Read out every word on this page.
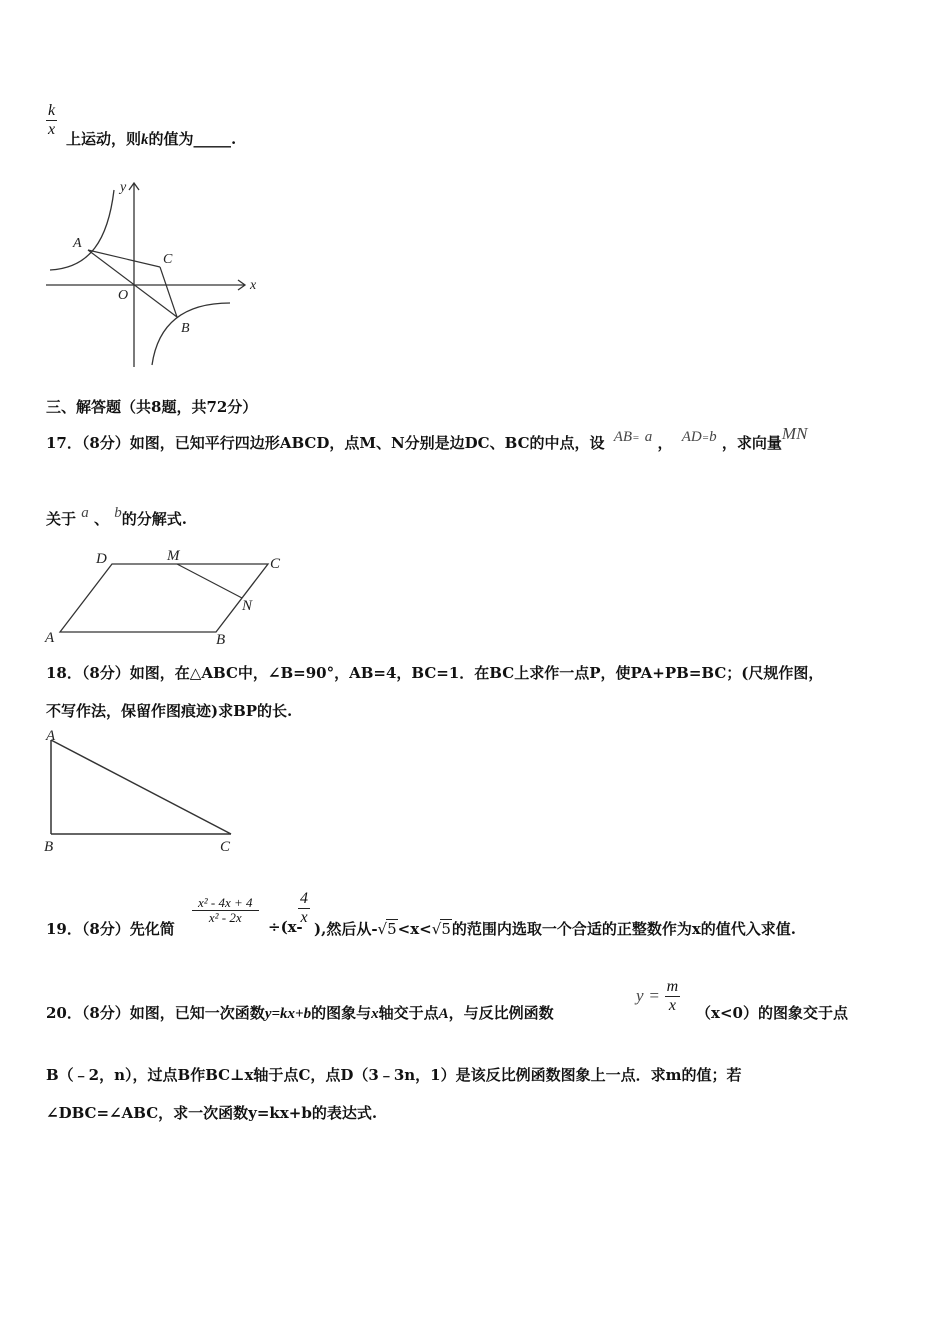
$\frac{k}{x}$
上运动，则k的值为_____.
y
A
C
O
x
B
三、解答题（共8题，共72分）
17．（8分）如图，已知平行四边形ABCD，点M、N分别是边DC、BC的中点，设 AB= a ， AD=b ，求向量MN
关于 a 、 b的分解式.
D	M	C
N
A	B
18．（8分）如图，在△ABC中，∠B=90°，AB=4，BC=1．在BC上求作一点P，使PA+PB=BC；(尺规作图，
不写作法，保留作图痕迹)求BP的长.
A
B	C
19．（8分）先化简
$\frac{\text{x² - 4x + 4}}{\text{x² - 2x}}$
÷(x-
$\frac{4}{x}$
),然后从-√5<x<√5的范围内选取一个合适的正整数作为x的值代入求值.
20．（8分）如图，已知一次函数y=kx+b的图象与x轴交于点A，与反比例函数
$y = \frac{m}{x} (x<0)$的图象交于点
B（﹣2，n），过点B作BC⊥x轴于点C，点D（3﹣3n，1）是该反比例函数图象上一点．求m的值；若
∠DBC=∠ABC，求一次函数y=kx+b的表达式.
